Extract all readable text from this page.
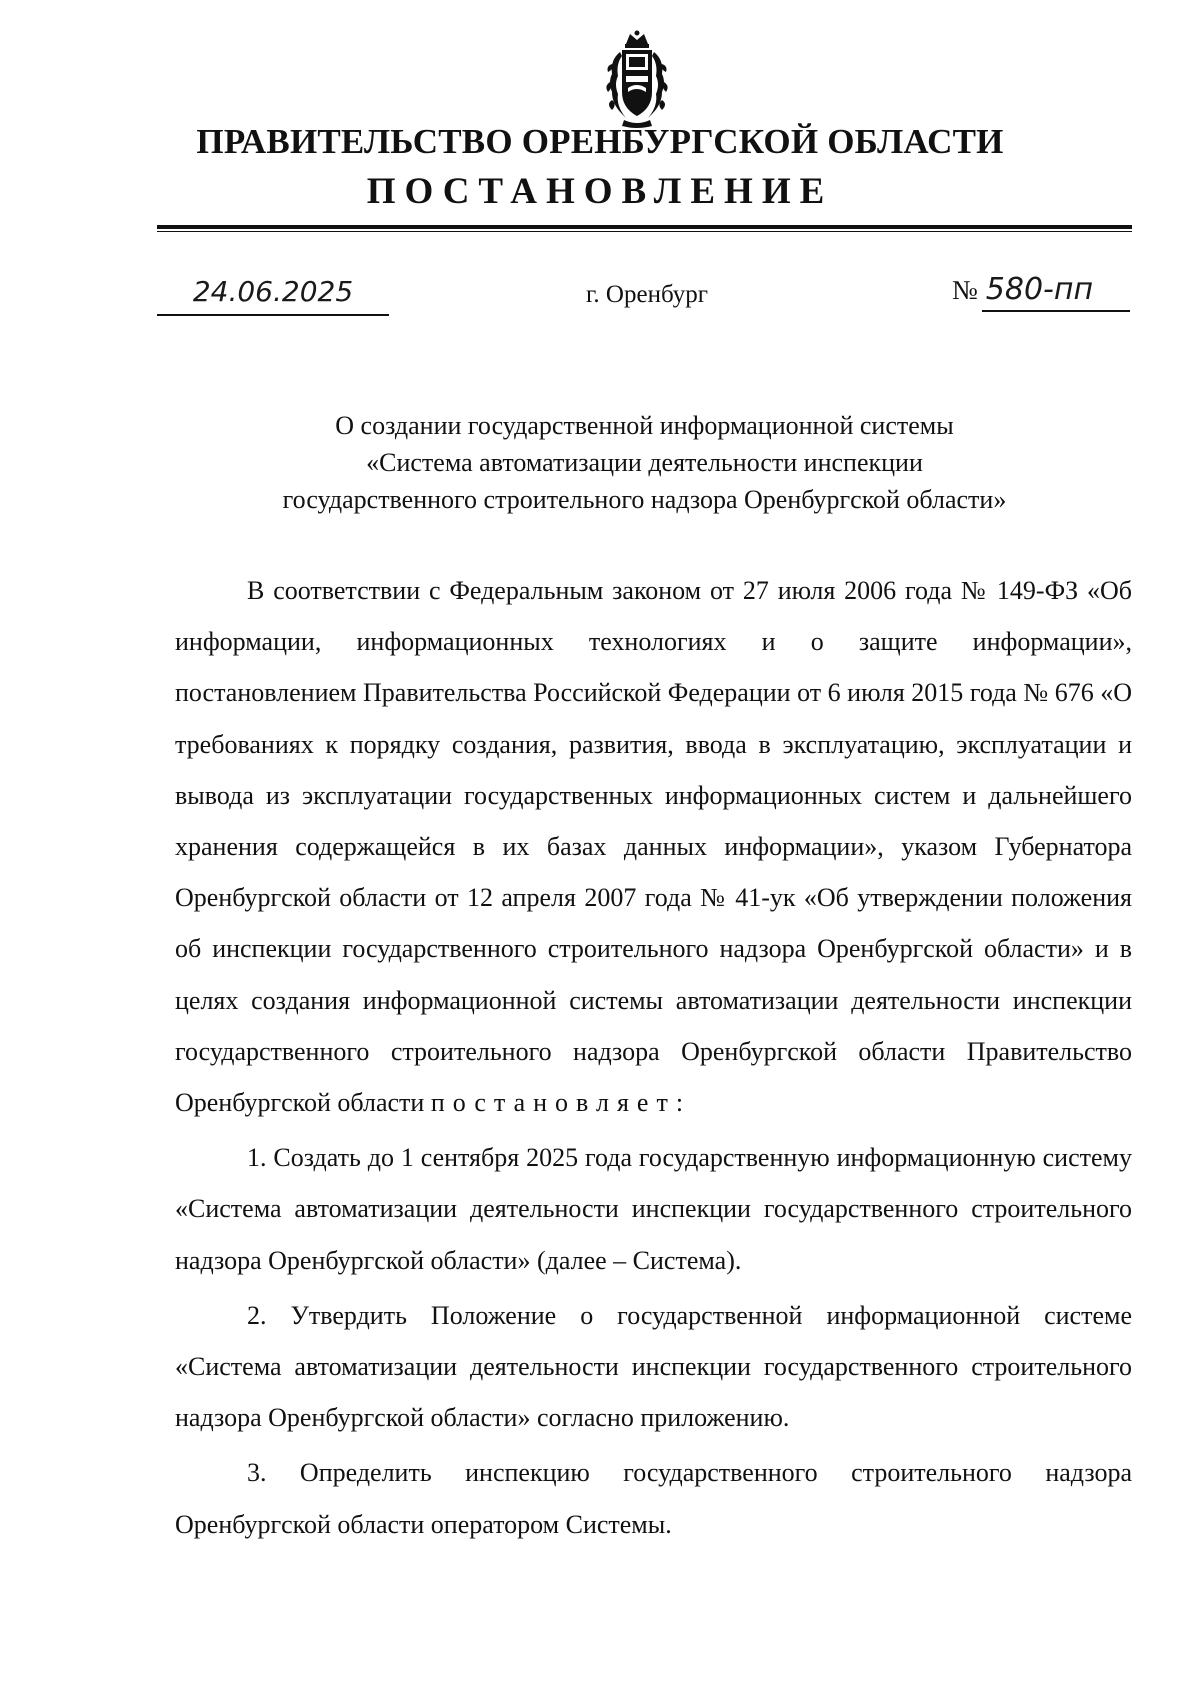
ПРАВИТЕЛЬСТВО ОРЕНБУРГСКОЙ ОБЛАСТИ
ПОСТАНОВЛЕНИЕ
24.06.2025	г. Оренбург	№ 580-пп
О создании государственной информационной системы
«Система автоматизации деятельности инспекции
государственного строительного надзора Оренбургской области»

В соответствии с Федеральным законом от 27 июля 2006 года № 149-ФЗ «Об информации, информационных технологиях и о защите информации», постановлением Правительства Российской Федерации от 6 июля 2015 года № 676 «О требованиях к порядку создания, развития, ввода в эксплуатацию, эксплуатации и вывода из эксплуатации государственных информационных систем и дальнейшего хранения содержащейся в их базах данных информации», указом Губернатора Оренбургской области от 12 апреля 2007 года № 41-ук «Об утверждении положения об инспекции государственного строительного надзора Оренбургской области» и в целях создания информационной системы автоматизации деятельности инспекции государственного строительного надзора Оренбургской области Правительство Оренбургской области постановляет:

1. Создать до 1 сентября 2025 года государственную информационную систему «Система автоматизации деятельности инспекции государственного строительного надзора Оренбургской области» (далее – Система).

2. Утвердить Положение о государственной информационной системе «Система автоматизации деятельности инспекции государственного строительного надзора Оренбургской области» согласно приложению.

3. Определить инспекцию государственного строительного надзора Оренбургской области оператором Системы.
